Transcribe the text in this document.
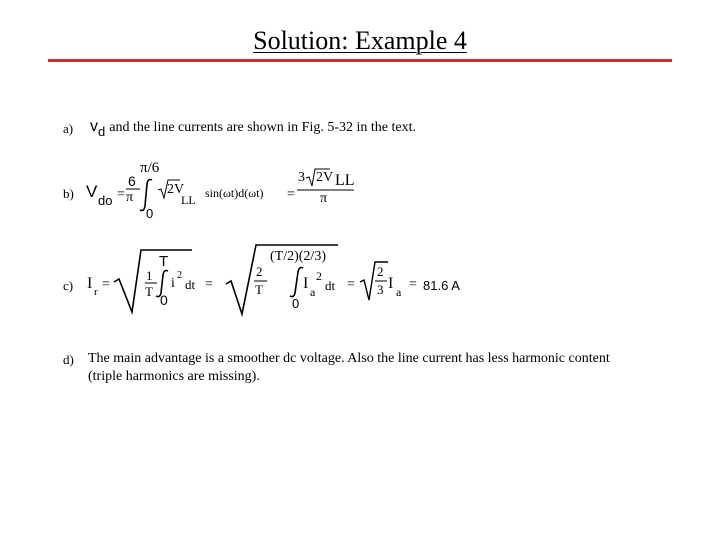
Solution: Example 4
a) $v_d$ and the line currents are shown in Fig. 5-32 in the text.
b) V do =
6
π
π/6
0
2V
LL sin(ωt)d(ωt) =
3 2V LL
π
c) I r =
1
T
T
0
i
2
dt =
2
T
(T/2)(2/3)
0
I a
2
dt =
2
3 I a = 81.6 A
d) The main advantage is a smoother dc voltage. Also the line current has less harmonic content
(triple harmonics are missing).
